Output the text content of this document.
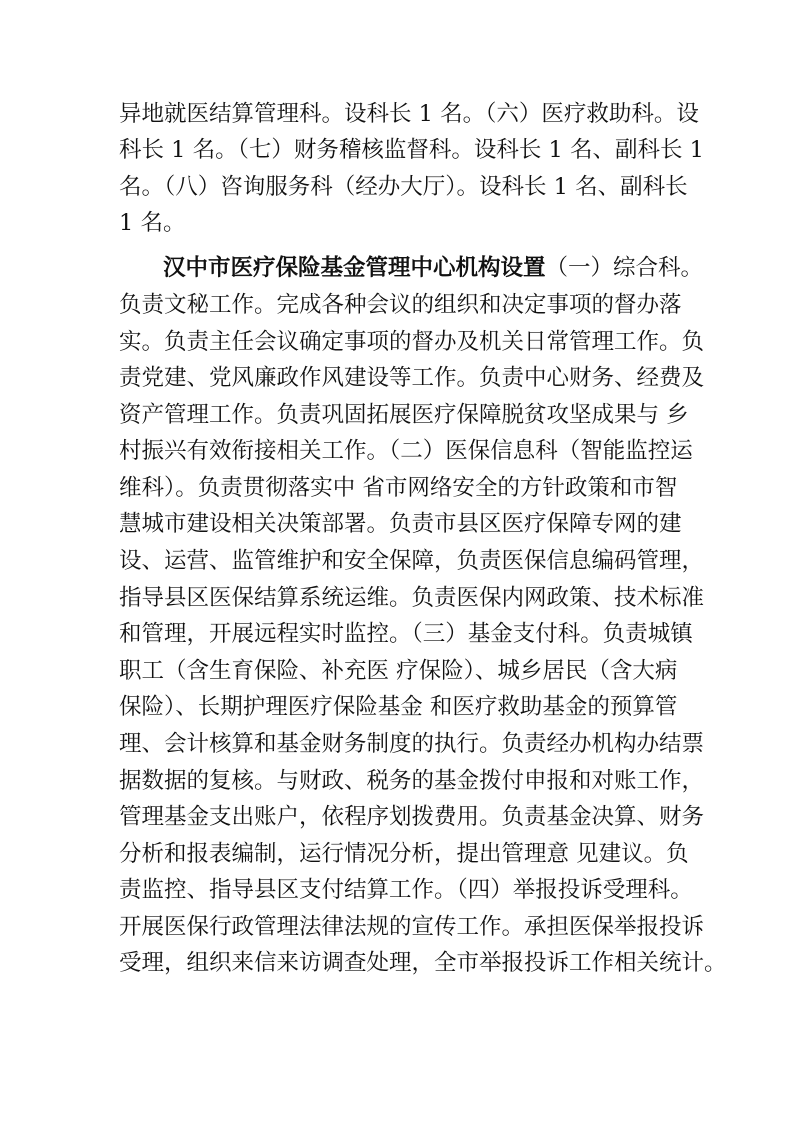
异地就医结算管理科。设科长 1 名。（六）医疗救助科。设
科长 1 名。（七）财务稽核监督科。设科长 1 名、副科长 1
名。（八）咨询服务科（经办大厅）。设科长 1 名、副科长
1 名。
汉中市医疗保险基金管理中心机构设置（一）综合科。
负责文秘工作。完成各种会议的组织和决定事项的督办落
实。负责主任会议确定事项的督办及机关日常管理工作。负
责党建、党风廉政作风建设等工作。负责中心财务、经费及
资产管理工作。负责巩固拓展医疗保障脱贫攻坚成果与 乡
村振兴有效衔接相关工作。（二）医保信息科（智能监控运
维科）。负责贯彻落实中 省市网络安全的方针政策和市智
慧城市建设相关决策部署。负责市县区医疗保障专网的建
设、运营、监管维护和安全保障，负责医保信息编码管理，
指导县区医保结算系统运维。负责医保内网政策、技术标准
和管理，开展远程实时监控。（三）基金支付科。负责城镇
职工（含生育保险、补充医 疗保险）、城乡居民（含大病
保险）、长期护理医疗保险基金 和医疗救助基金的预算管
理、会计核算和基金财务制度的执行。负责经办机构办结票
据数据的复核。与财政、税务的基金拨付申报和对账工作，
管理基金支出账户，依程序划拨费用。负责基金决算、财务
分析和报表编制，运行情况分析，提出管理意 见建议。负
责监控、指导县区支付结算工作。（四）举报投诉受理科。
开展医保行政管理法律法规的宣传工作。承担医保举报投诉
受理，组织来信来访调查处理，全市举报投诉工作相关统计。
